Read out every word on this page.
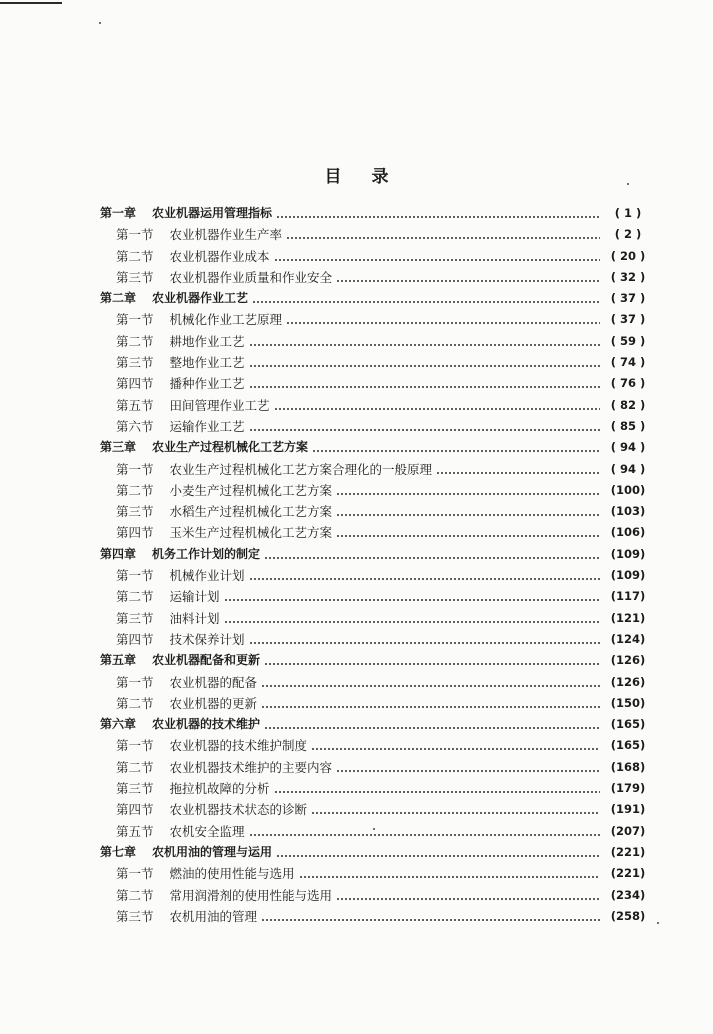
目 录
第一章 农业机器运用管理指标	( 1 )
第一节 农业机器作业生产率	( 2 )
第二节 农业机器作业成本	( 20 )
第三节 农业机器作业质量和作业安全	( 32 )
第二章 农业机器作业工艺	( 37 )
第一节 机械化作业工艺原理	( 37 )
第二节 耕地作业工艺	( 59 )
第三节 整地作业工艺	( 74 )
第四节 播种作业工艺	( 76 )
第五节 田间管理作业工艺	( 82 )
第六节 运输作业工艺	( 85 )
第三章 农业生产过程机械化工艺方案	( 94 )
第一节 农业生产过程机械化工艺方案合理化的一般原理	( 94 )
第二节 小麦生产过程机械化工艺方案	(100)
第三节 水稻生产过程机械化工艺方案	(103)
第四节 玉米生产过程机械化工艺方案	(106)
第四章 机务工作计划的制定	(109)
第一节 机械作业计划	(109)
第二节 运输计划	(117)
第三节 油料计划	(121)
第四节 技术保养计划	(124)
第五章 农业机器配备和更新	(126)
第一节 农业机器的配备	(126)
第二节 农业机器的更新	(150)
第六章 农业机器的技术维护	(165)
第一节 农业机器的技术维护制度	(165)
第二节 农业机器技术维护的主要内容	(168)
第三节 拖拉机故障的分析	(179)
第四节 农业机器技术状态的诊断	(191)
第五节 农机安全监理	(207)
第七章 农机用油的管理与运用	(221)
第一节 燃油的使用性能与选用	(221)
第二节 常用润滑剂的使用性能与选用	(234)
第三节 农机用油的管理	(258)
